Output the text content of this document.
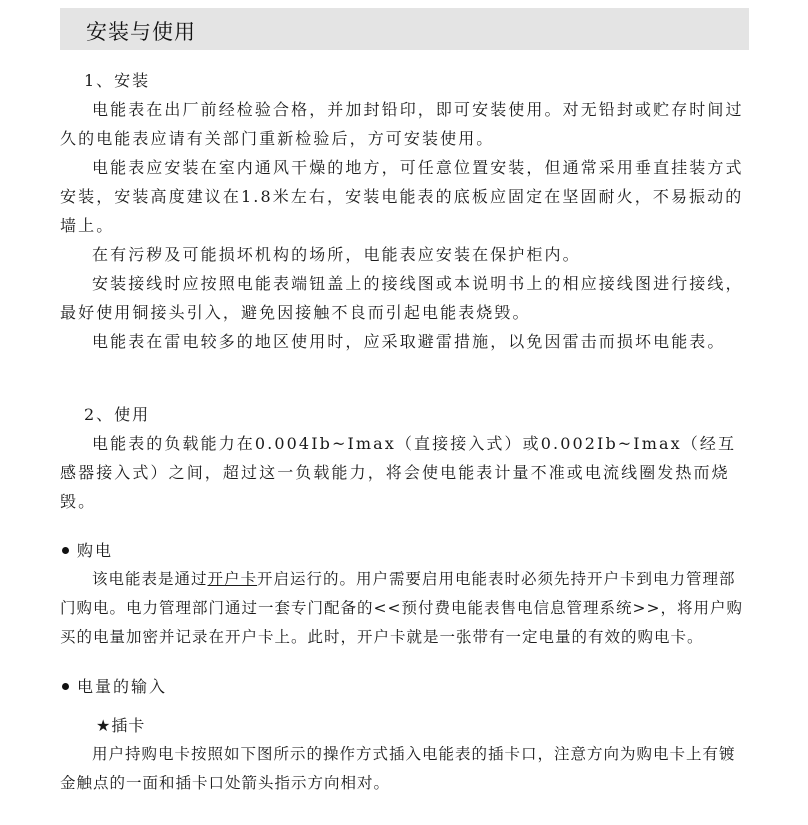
安装与使用

1、安装

电能表在出厂前经检验合格，并加封铅印，即可安装使用。对无铅封或贮存时间过久的电能表应请有关部门重新检验后，方可安装使用。

电能表应安装在室内通风干燥的地方，可任意位置安装，但通常采用垂直挂装方式安装，安装高度建议在1.8米左右，安装电能表的底板应固定在坚固耐火，不易振动的墙上。

在有污秽及可能损坏机构的场所，电能表应安装在保护柜内。

安装接线时应按照电能表端钮盖上的接线图或本说明书上的相应接线图进行接线，最好使用铜接头引入，避免因接触不良而引起电能表烧毁。

电能表在雷电较多的地区使用时，应采取避雷措施，以免因雷击而损坏电能表。

2、使用

电能表的负载能力在0.004Ib~Imax（直接接入式）或0.002Ib~Imax（经互感器接入式）之间，超过这一负载能力，将会使电能表计量不准或电流线圈发热而烧毁。

购电

该电能表是通过开户卡开启运行的。用户需要启用电能表时必须先持开户卡到电力管理部门购电。电力管理部门通过一套专门配备的<<预付费电能表售电信息管理系统>>，将用户购买的电量加密并记录在开户卡上。此时，开户卡就是一张带有一定电量的有效的购电卡。

电量的输入
★插卡

用户持购电卡按照如下图所示的操作方式插入电能表的插卡口，注意方向为购电卡上有镀金触点的一面和插卡口处箭头指示方向相对。
